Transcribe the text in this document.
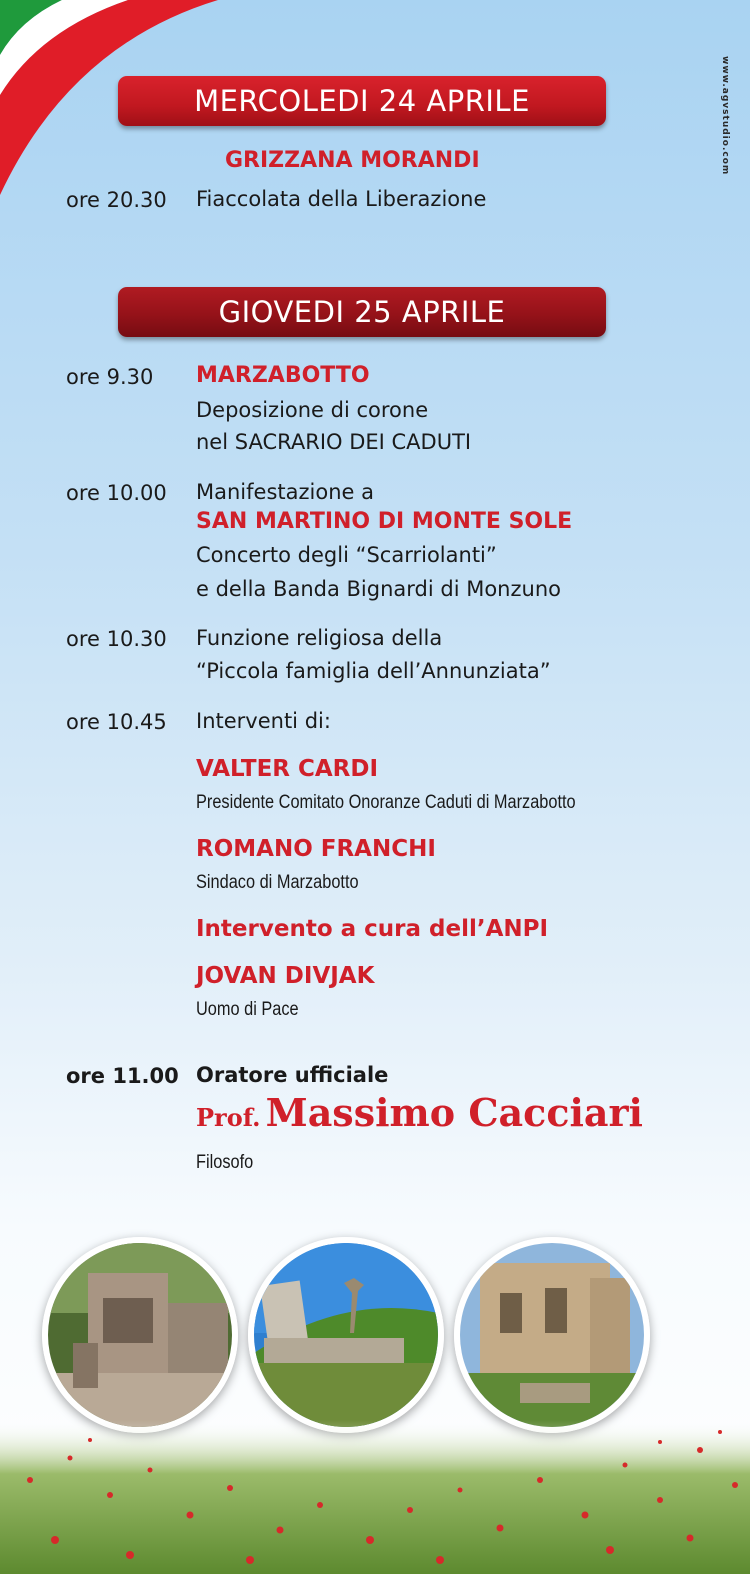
www.agvstudio.com
MERCOLEDI 24 APRILE
GRIZZANA MORANDI
ore 20.30 Fiaccolata della Liberazione
GIOVEDI 25 APRILE
ore 9.30 MARZABOTTO
Deposizione di corone
nel SACRARIO DEI CADUTI
ore 10.00 Manifestazione a
SAN MARTINO DI MONTE SOLE
Concerto degli “Scarriolanti”
e della Banda Bignardi di Monzuno
ore 10.30 Funzione religiosa della
“Piccola famiglia dell’Annunziata”
ore 10.45 Interventi di:
VALTER CARDI
Presidente Comitato Onoranze Caduti di Marzabotto
ROMANO FRANCHI
Sindaco di Marzabotto
Intervento a cura dell’ANPI
JOVAN DIVJAK
Uomo di Pace
ore 11.00 Oratore ufficiale
Prof. Massimo Cacciari
Filosofo
